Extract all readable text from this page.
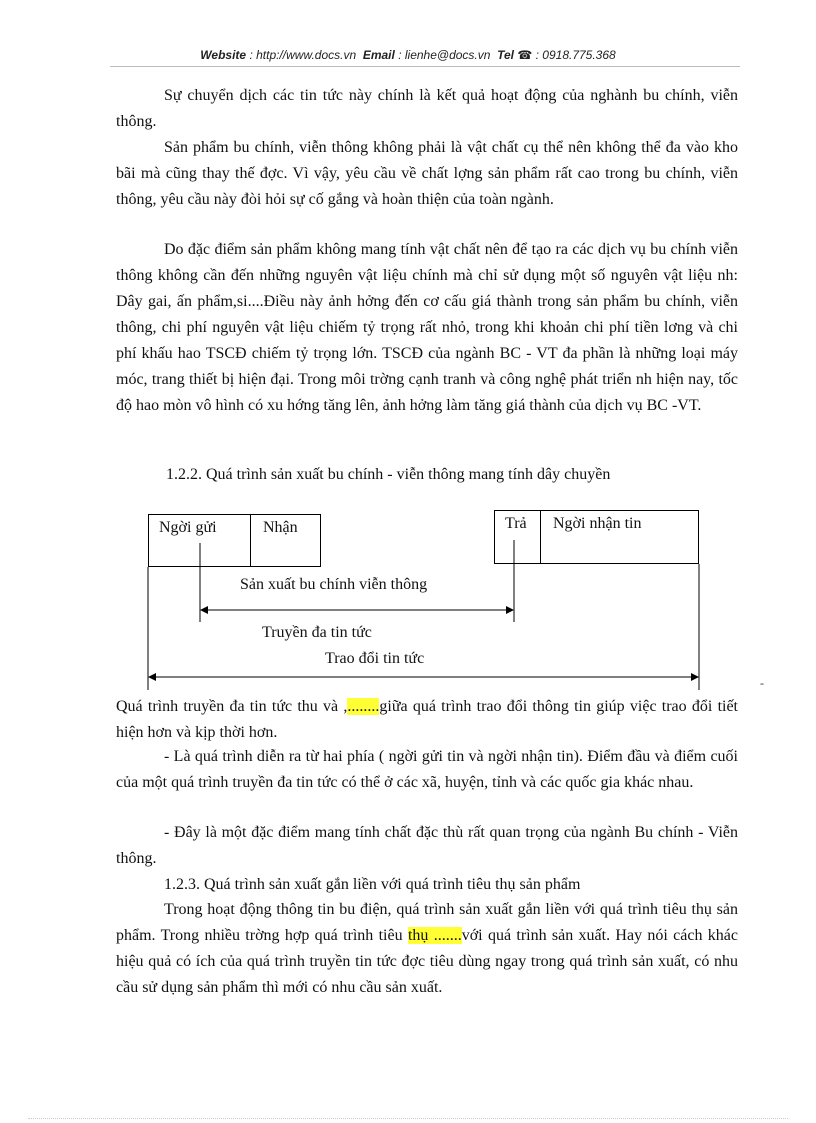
Website : http://www.docs.vn Email : lienhe@docs.vn Tel ☎ : 0918.775.368

Sự chuyển dịch các tin tức này chính là kết quả hoạt động của nghành bu chính, viễn thông.

Sản phẩm bu chính, viễn thông không phải là vật chất cụ thể nên không thể đa vào kho bãi mà cũng thay thế đợc. Vì vậy, yêu cầu về chất lợng sản phẩm rất cao trong bu chính, viễn thông, yêu cầu này đòi hỏi sự cố gắng và hoàn thiện của toàn ngành.

Do đặc điểm sản phẩm không mang tính vật chất nên để tạo ra các dịch vụ bu chính viễn thông không cần đến những nguyên vật liệu chính mà chỉ sử dụng một số nguyên vật liệu nh: Dây gai, ấn phẩm,si....Điều này ảnh hởng đến cơ cấu giá thành trong sản phẩm bu chính, viễn thông, chi phí nguyên vật liệu chiếm tỷ trọng rất nhỏ, trong khi khoản chi phí tiền lơng và chi phí khấu hao TSCĐ chiếm tỷ trọng lớn. TSCĐ của ngành BC - VT đa phần là những loại máy móc, trang thiết bị hiện đại. Trong môi trờng cạnh tranh và công nghệ phát triển nh hiện nay, tốc độ hao mòn vô hình có xu hớng tăng lên, ảnh hởng làm tăng giá thành của dịch vụ BC -VT.

1.2.2. Quá trình sản xuất bu chính - viễn thông mang tính dây chuyền

Ngời gửi	Nhận	Trả	Ngời nhận tin
Sản xuất bu chính viễn thông
Truyền đa tin tức
Trao đổi tin tức
-

Quá trình truyền đa tin tức thu và ,........giữa quá trình trao đổi thông tin giúp việc trao đổi tiết hiện hơn và kịp thời hơn.

- Là quá trình diễn ra từ hai phía ( ngời gửi tin và ngời nhận tin). Điểm đầu và điểm cuối của một quá trình truyền đa tin tức có thể ở các xã, huyện, tỉnh và các quốc gia khác nhau.

- Đây là một đặc điểm mang tính chất đặc thù rất quan trọng của ngành Bu chính - Viễn thông.

1.2.3. Quá trình sản xuất gắn liền với quá trình tiêu thụ sản phẩm

Trong hoạt động thông tin bu điện, quá trình sản xuất gắn liền với quá trình tiêu thụ sản phẩm. Trong nhiều trờng hợp quá trình tiêu thụ .......với quá trình sản xuất. Hay nói cách khác hiệu quả có ích của quá trình truyền tin tức đợc tiêu dùng ngay trong quá trình sản xuất, có nhu cầu sử dụng sản phẩm thì mới có nhu cầu sản xuất.
